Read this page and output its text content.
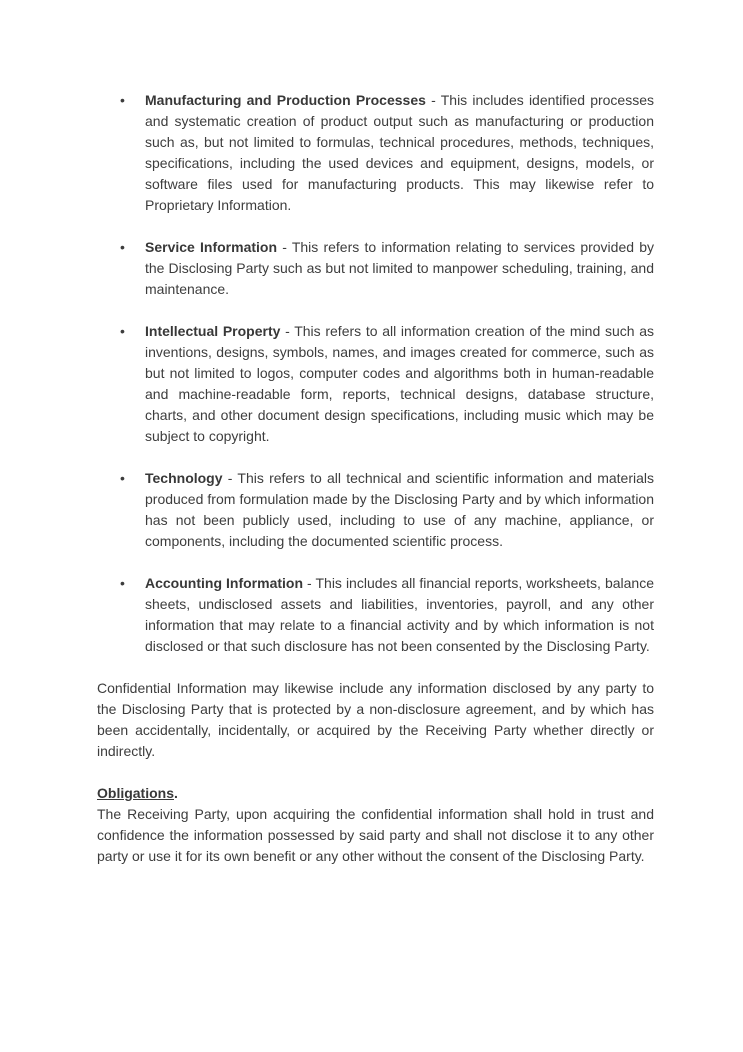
• Manufacturing and Production Processes - This includes identified processes and systematic creation of product output such as manufacturing or production such as, but not limited to formulas, technical procedures, methods, techniques, specifications, including the used devices and equipment, designs, models, or software files used for manufacturing products. This may likewise refer to Proprietary Information.
• Service Information - This refers to information relating to services provided by the Disclosing Party such as but not limited to manpower scheduling, training, and maintenance.
• Intellectual Property - This refers to all information creation of the mind such as inventions, designs, symbols, names, and images created for commerce, such as but not limited to logos, computer codes and algorithms both in human-readable and machine-readable form, reports, technical designs, database structure, charts, and other document design specifications, including music which may be subject to copyright.
• Technology - This refers to all technical and scientific information and materials produced from formulation made by the Disclosing Party and by which information has not been publicly used, including to use of any machine, appliance, or components, including the documented scientific process.
• Accounting Information - This includes all financial reports, worksheets, balance sheets, undisclosed assets and liabilities, inventories, payroll, and any other information that may relate to a financial activity and by which information is not disclosed or that such disclosure has not been consented by the Disclosing Party.

Confidential Information may likewise include any information disclosed by any party to the Disclosing Party that is protected by a non-disclosure agreement, and by which has been accidentally, incidentally, or acquired by the Receiving Party whether directly or indirectly.

Obligations.

The Receiving Party, upon acquiring the confidential information shall hold in trust and confidence the information possessed by said party and shall not disclose it to any other party or use it for its own benefit or any other without the consent of the Disclosing Party.
